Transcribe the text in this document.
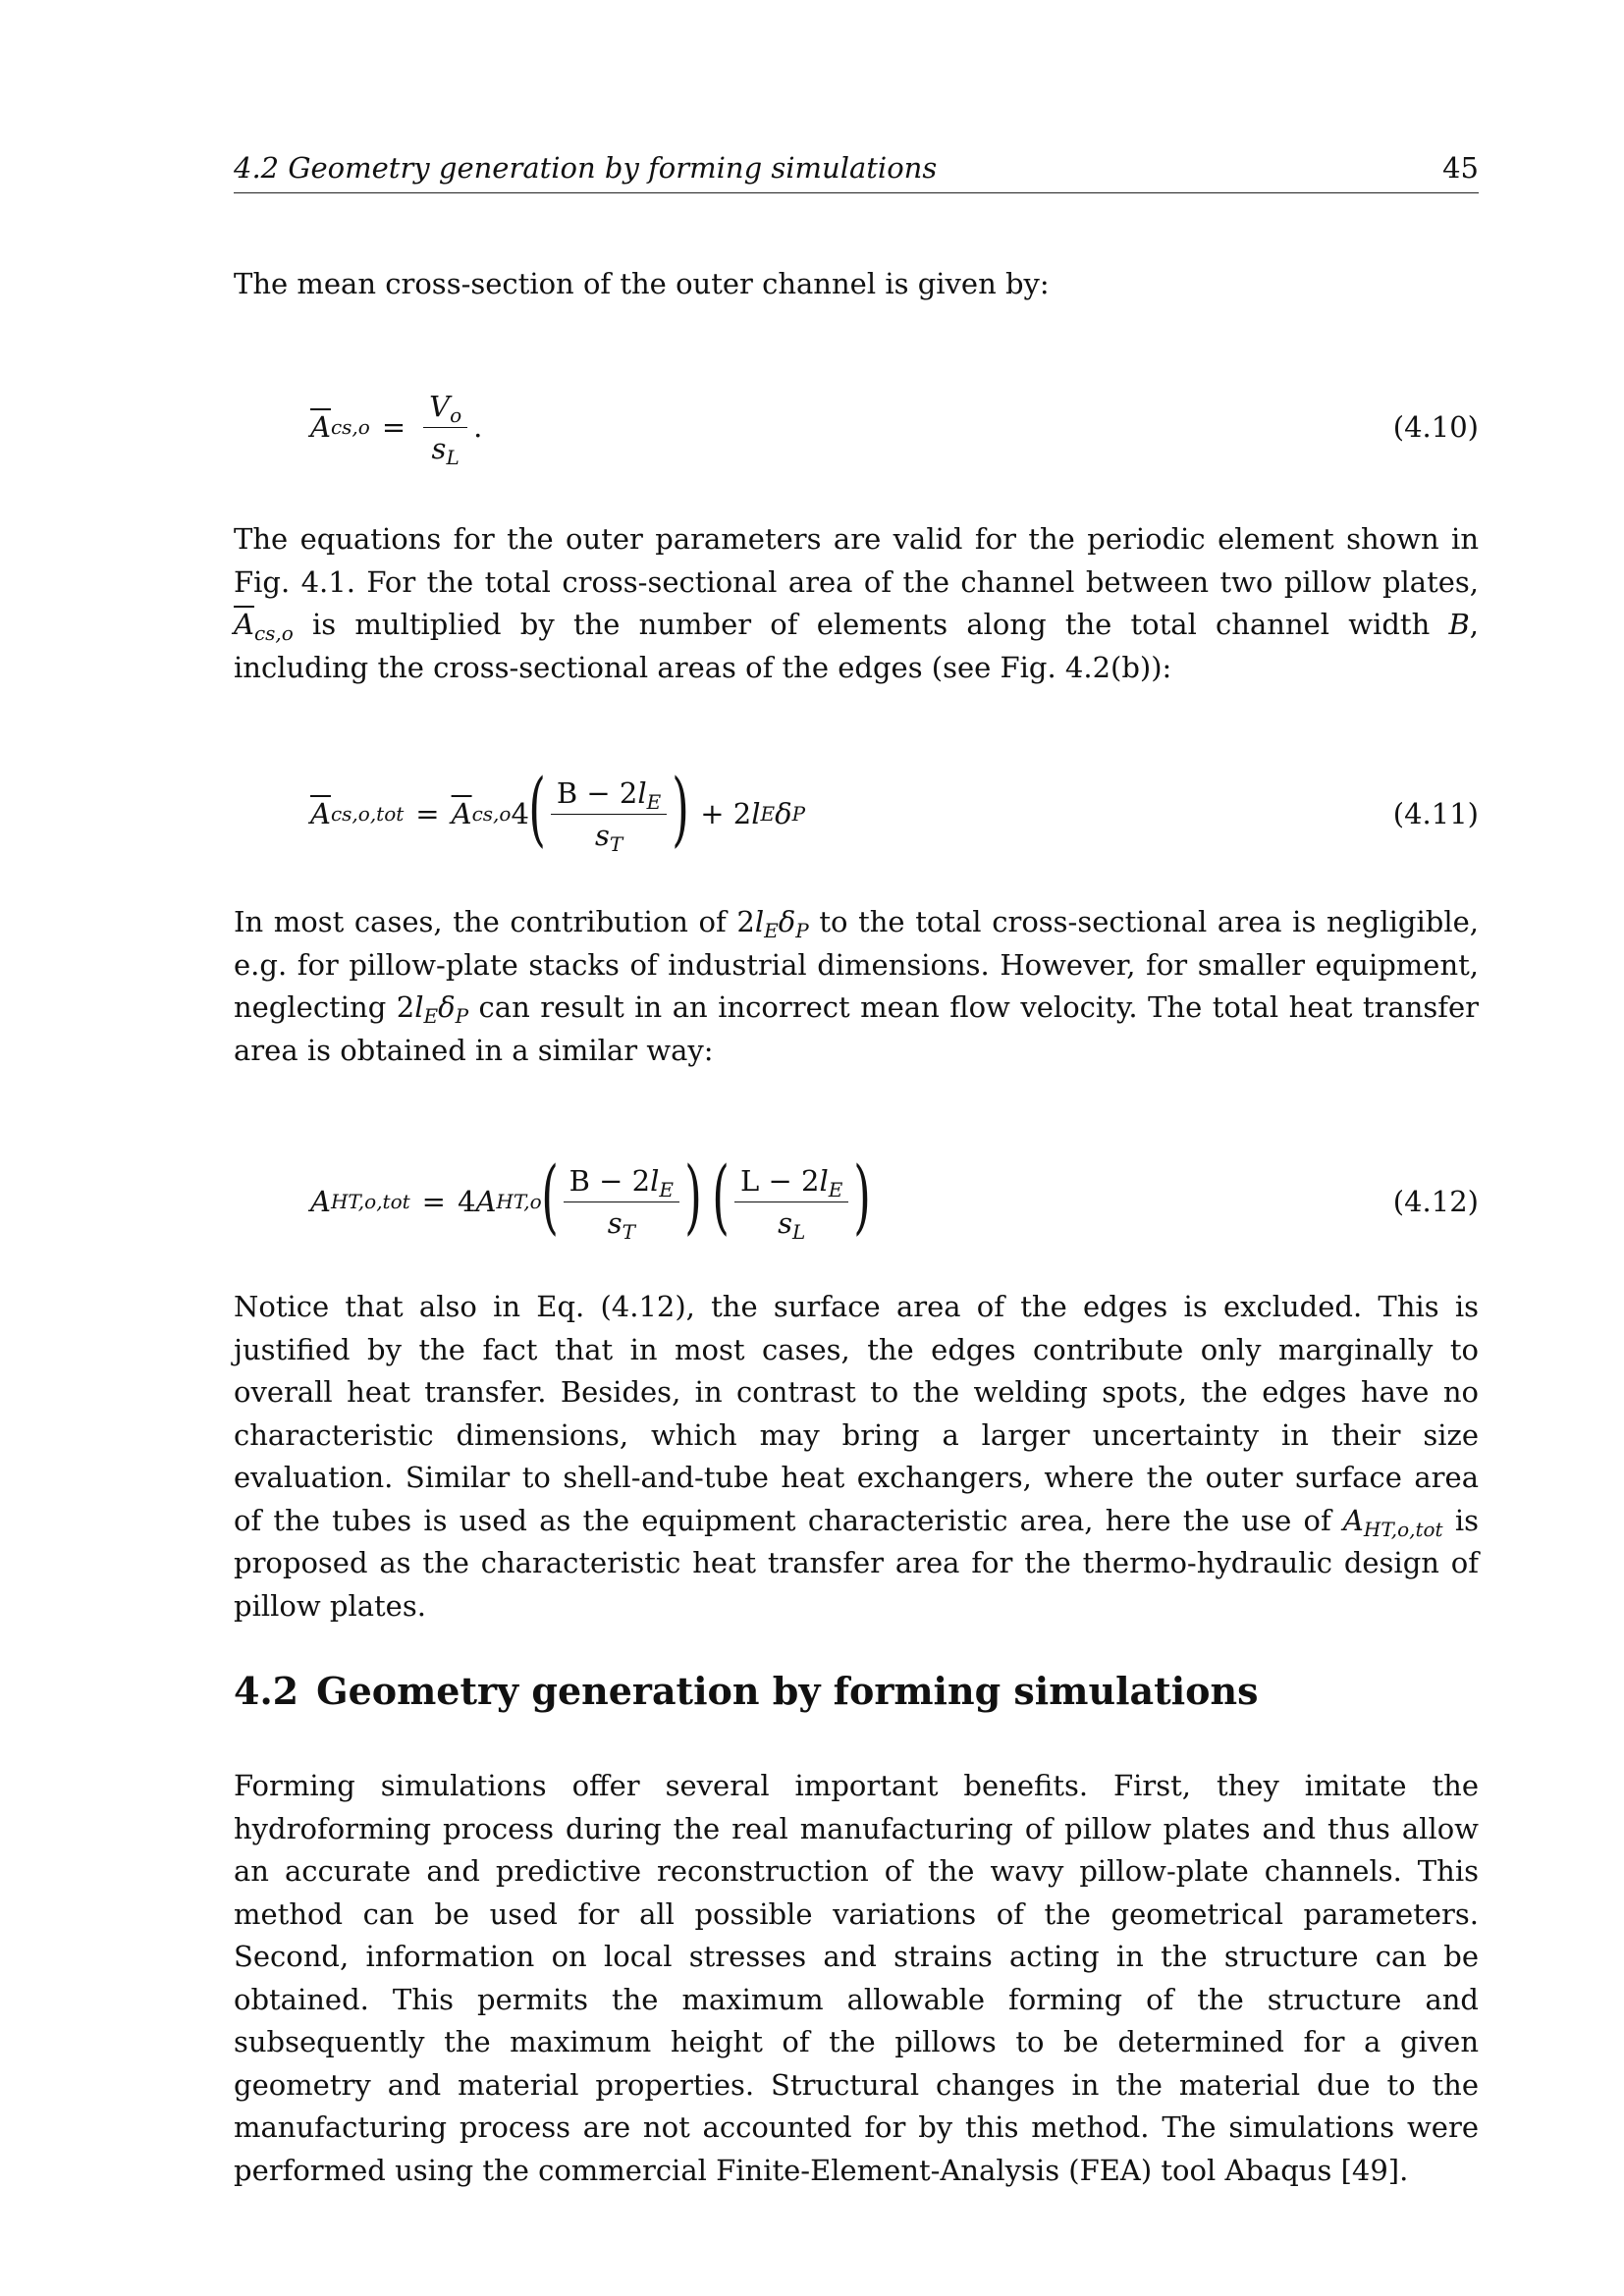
4.2 Geometry generation by forming simulations	45
The mean cross-section of the outer channel is given by:
$\overline{A}$ $cs,o = \frac{V_o}{s_L}$ .	(4.10)
The equations for the outer parameters are valid for the periodic element shown in Fig. 4.1. For the total cross-sectional area of the channel between two pillow plates, $\overline{A}_{cs,o}$ is multiplied by the number of elements along the total channel width B, including the cross-sectional areas of the edges (see Fig. 4.2(b)):
$\overline{A}$ $cs,o,tot = \overline{A}$ cs,o 4 ( $\frac{B - 2l_E}{s_T}$ ) + 2 l E δ P	(4.11)
In most cases, the contribution of $2l_E\delta_P$ to the total cross-sectional area is negligible, e.g. for pillow-plate stacks of industrial dimensions. However, for smaller equipment, neglecting $2l_E\delta_P$ can result in an incorrect mean flow velocity. The total heat transfer area is obtained in a similar way:
A HT,o,tot = 4 A HT,o ( $\frac{B - 2l_E}{s_T}$ ) ( $\frac{L - 2l_E}{s_L}$ )	(4.12)
Notice that also in Eq. (4.12), the surface area of the edges is excluded. This is justified by the fact that in most cases, the edges contribute only marginally to overall heat transfer. Besides, in contrast to the welding spots, the edges have no characteristic dimensions, which may bring a larger uncertainty in their size evaluation. Similar to shell-and-tube heat exchangers, where the outer surface area of the tubes is used as the equipment characteristic area, here the use of $A_{HT,o,tot}$ is proposed as the characteristic heat transfer area for the thermo-hydraulic design of pillow plates.
4.2 Geometry generation by forming simulations
Forming simulations offer several important benefits. First, they imitate the hydroforming process during the real manufacturing of pillow plates and thus allow an accurate and predictive reconstruction of the wavy pillow-plate channels. This method can be used for all possible variations of the geometrical parameters. Second, information on local stresses and strains acting in the structure can be obtained. This permits the maximum allowable forming of the structure and subsequently the maximum height of the pillows to be determined for a given geometry and material properties. Structural changes in the material due to the manufacturing process are not accounted for by this method. The simulations were performed using the commercial Finite-Element-Analysis (FEA) tool Abaqus [49].
